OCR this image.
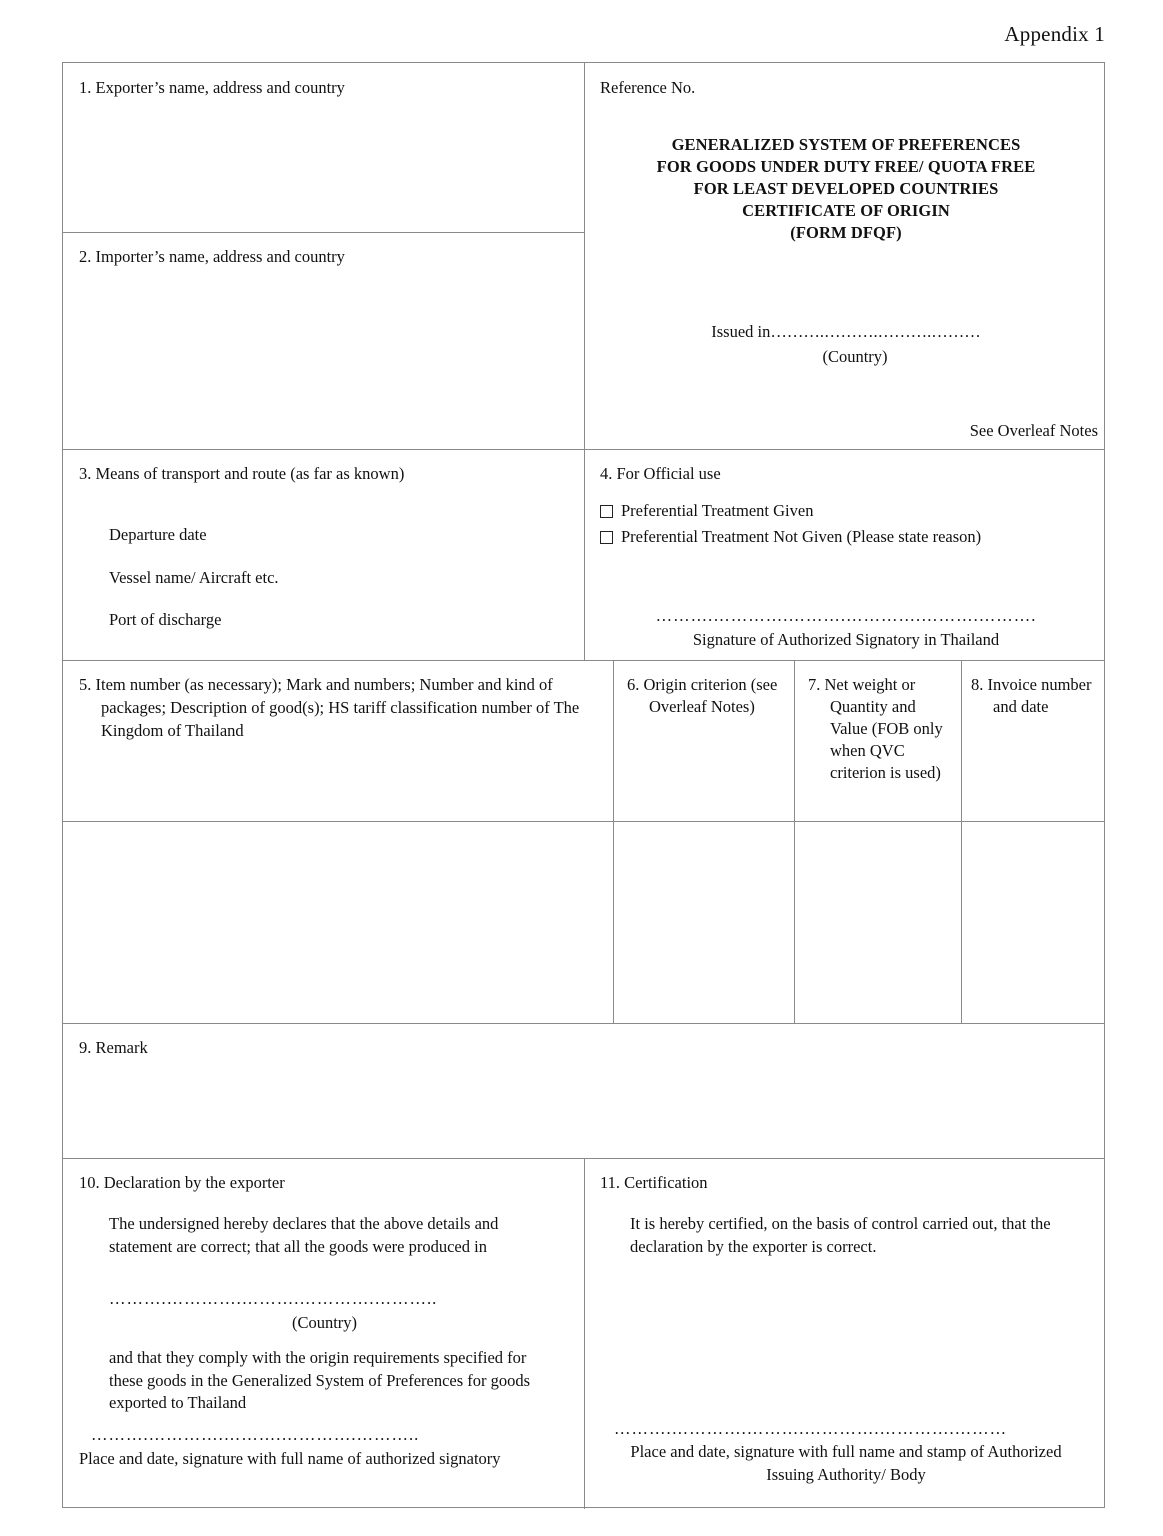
Appendix 1
1. Exporter’s name, address and country
2. Importer’s name, address and country
Reference No.
GENERALIZED SYSTEM OF PREFERENCES
FOR GOODS UNDER DUTY FREE/ QUOTA FREE
FOR LEAST DEVELOPED COUNTRIES
CERTIFICATE OF ORIGIN
(FORM DFQF)
Issued in……….……….……….………
(Country)
See Overleaf Notes
3. Means of transport and route (as far as known)
Departure date
Vessel name/ Aircraft etc.
Port of discharge
4. For Official use
Preferential Treatment Given
Preferential Treatment Not Given (Please state reason)
……….………….……….………….……….……….
Signature of Authorized Signatory in Thailand
5. Item number (as necessary); Mark and numbers; Number and kind of packages; Description of good(s); HS tariff classification number of The Kingdom of Thailand
6. Origin criterion (see Overleaf Notes)
7. Net weight or Quantity and Value (FOB only when QVC criterion is used)
8. Invoice number and date
9. Remark
10. Declaration by the exporter
The undersigned hereby declares that the above details and statement are correct; that all the goods were produced in
……….………….……….………….………..
(Country)
and that they comply with the origin requirements specified for these goods in the Generalized System of Preferences for goods exported to Thailand
……….………….……….………….………..
Place and date, signature with full name of authorized signatory
11. Certification
It is hereby certified, on the basis of control carried out, that the declaration by the exporter is correct.
……….………….……….………….………….………
Place and date, signature with full name and stamp of Authorized
Issuing Authority/ Body
